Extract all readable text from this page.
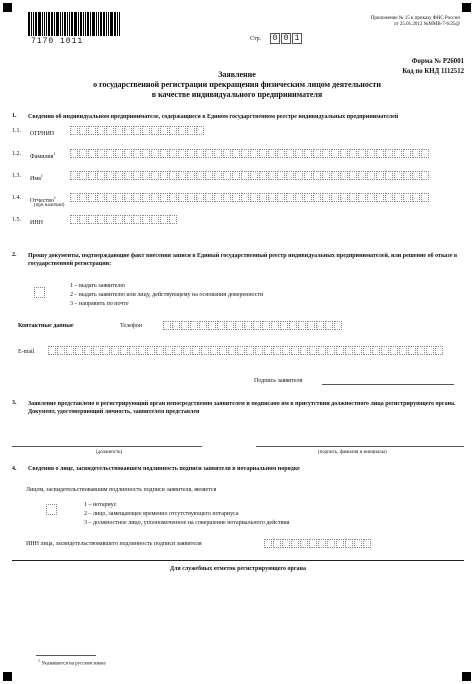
7170 1011
Приложение № 15 к приказу ФНС России
от 25.01.2012 №ММВ-7-6/25@
Стр.	0 0 1
Форма № Р26001
Код по КНД 1112512
Заявление
о государственной регистрации прекращения физическим лицом деятельности
в качестве индивидуального предпринимателя
1. Сведения об индивидуальном предпринимателе, содержащиеся в Едином государственном реестре индивидуальных предпринимателей
1.1. ОГРНИП
1.2. Фамилия$^1$
1.3. Имя$^1$
1.4. Отчество$^1$
(при наличии)
1.5. ИНН
2. Прошу документы, подтверждающие факт внесения записи в Единый государственный реестр индивидуальных предпринимателей, или решение об отказе в государственной регистрации:
1 – выдать заявителю
2 – выдать заявителю или лицу, действующему на основании доверенности
3 – направить по почте
Контактные данные	Телефон
E-mail
Подпись заявителя
3. Заявление представлено в регистрирующий орган непосредственно заявителем и подписано им в присутствии должностного лица регистрирующего органа. Документ, удостоверяющий личность, заявителем представлен
(должность)	(подпись, фамилия и инициалы)
4. Сведения о лице, засвидетельствовавшем подлинность подписи заявителя в нотариальном порядке
Лицом, засвидетельствовавшим подлинность подписи заявителя, является
1 – нотариус
2 – лицо, замещающее временно отсутствующего нотариуса
3 – должностное лицо, уполномоченное на совершение нотариального действия
ИНН лица, засвидетельствовавшего подлинность подписи заявителя
Для служебных отметок регистрирующего органа
$^1$ Указывается на русском языке
